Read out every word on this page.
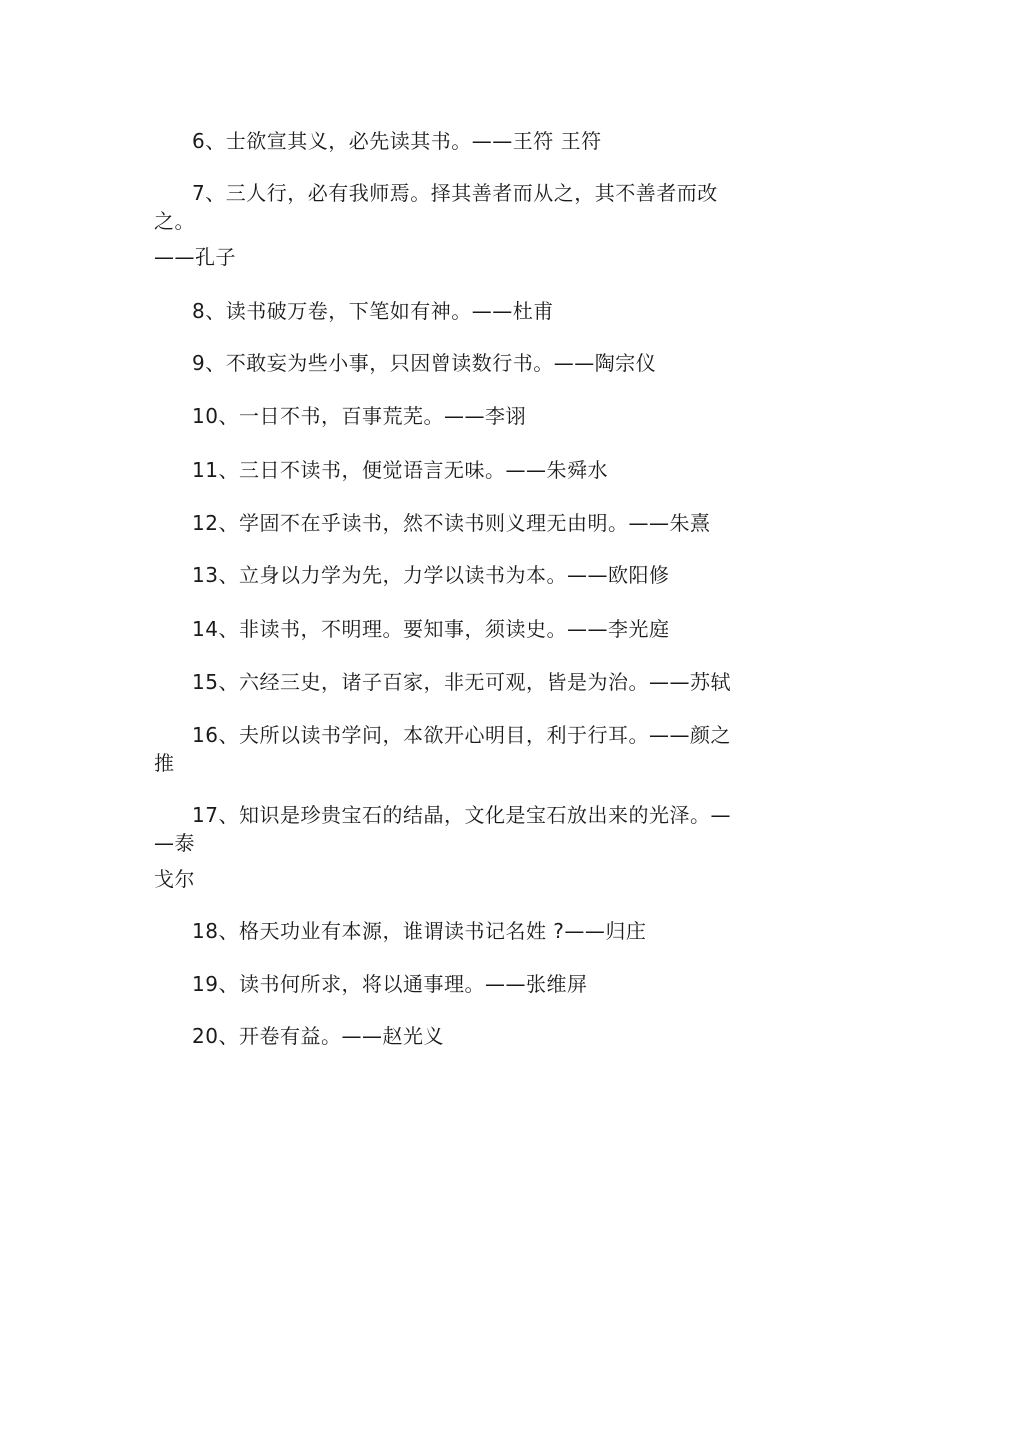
6、士欲宣其义，必先读其书。——王符 王符
7、三人行，必有我师焉。择其善者而从之，其不善者而改
之。
——孔子
8、读书破万卷，下笔如有神。——杜甫
9、不敢妄为些小事，只因曾读数行书。——陶宗仪
10、一日不书，百事荒芜。——李诩
11、三日不读书，便觉语言无味。——朱舜水
12、学固不在乎读书，然不读书则义理无由明。——朱熹
13、立身以力学为先，力学以读书为本。——欧阳修
14、非读书，不明理。要知事，须读史。——李光庭
15、六经三史，诸子百家，非无可观，皆是为治。——苏轼
16、夫所以读书学问，本欲开心明目，利于行耳。——颜之
推
17、知识是珍贵宝石的结晶，文化是宝石放出来的光泽。—
—泰
戈尔
18、格天功业有本源，谁谓读书记名姓 ?——归庄
19、读书何所求，将以通事理。——张维屏
20、开卷有益。——赵光义
